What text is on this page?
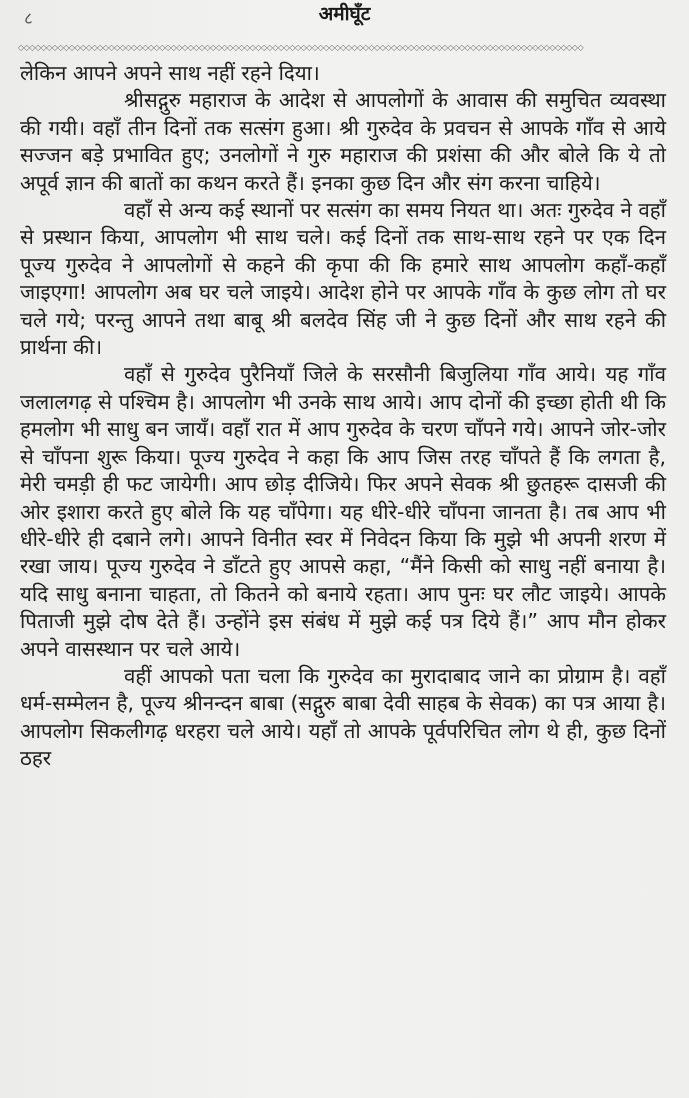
८	अमीघूँट
◇◇◇◇◇◇◇◇◇◇◇◇◇◇◇◇◇◇◇◇◇◇◇◇◇◇◇◇◇◇◇◇◇◇◇◇◇◇◇◇◇◇◇◇◇◇◇◇◇◇◇◇◇◇◇◇◇◇◇◇◇◇◇◇◇◇◇◇◇◇◇◇◇◇◇◇◇◇◇◇◇◇◇◇◇◇◇◇◇◇◇◇◇◇◇◇◇◇◇◇

लेकिन आपने अपने साथ नहीं रहने दिया।

श्रीसद्गुरु महाराज के आदेश से आपलोगों के आवास की समुचित व्यवस्था की गयी। वहाँ तीन दिनों तक सत्संग हुआ। श्री गुरुदेव के प्रवचन से आपके गाँव से आये सज्जन बड़े प्रभावित हुए; उनलोगों ने गुरु महाराज की प्रशंसा की और बोले कि ये तो अपूर्व ज्ञान की बातों का कथन करते हैं। इनका कुछ दिन और संग करना चाहिये।

वहाँ से अन्य कई स्थानों पर सत्संग का समय नियत था। अतः गुरुदेव ने वहाँ से प्रस्थान किया, आपलोग भी साथ चले। कई दिनों तक साथ-साथ रहने पर एक दिन पूज्य गुरुदेव ने आपलोगों से कहने की कृपा की कि हमारे साथ आपलोग कहाँ-कहाँ जाइएगा! आपलोग अब घर चले जाइये। आदेश होने पर आपके गाँव के कुछ लोग तो घर चले गये; परन्तु आपने तथा बाबू श्री बलदेव सिंह जी ने कुछ दिनों और साथ रहने की प्रार्थना की।

वहाँ से गुरुदेव पुरैनियाँ जिले के सरसौनी बिजुलिया गाँव आये। यह गाँव जलालगढ़ से पश्चिम है। आपलोग भी उनके साथ आये। आप दोनों की इच्छा होती थी कि हमलोग भी साधु बन जायँ। वहाँ रात में आप गुरुदेव के चरण चाँपने गये। आपने जोर-जोर से चाँपना शुरू किया। पूज्य गुरुदेव ने कहा कि आप जिस तरह चाँपते हैं कि लगता है, मेरी चमड़ी ही फट जायेगी। आप छोड़ दीजिये। फिर अपने सेवक श्री छुतहरू दासजी की ओर इशारा करते हुए बोले कि यह चाँपेगा। यह धीरे-धीरे चाँपना जानता है। तब आप भी धीरे-धीरे ही दबाने लगे। आपने विनीत स्वर में निवेदन किया कि मुझे भी अपनी शरण में रखा जाय। पूज्य गुरुदेव ने डाँटते हुए आपसे कहा, “मैंने किसी को साधु नहीं बनाया है। यदि साधु बनाना चाहता, तो कितने को बनाये रहता। आप पुनः घर लौट जाइये। आपके पिताजी मुझे दोष देते हैं। उन्होंने इस संबंध में मुझे कई पत्र दिये हैं।” आप मौन होकर अपने वासस्थान पर चले आये।

वहीं आपको पता चला कि गुरुदेव का मुरादाबाद जाने का प्रोग्राम है। वहाँ धर्म-सम्मेलन है, पूज्य श्रीनन्दन बाबा (सद्गुरु बाबा देवी साहब के सेवक) का पत्र आया है। आपलोग सिकलीगढ़ धरहरा चले आये। यहाँ तो आपके पूर्वपरिचित लोग थे ही, कुछ दिनों ठहर
